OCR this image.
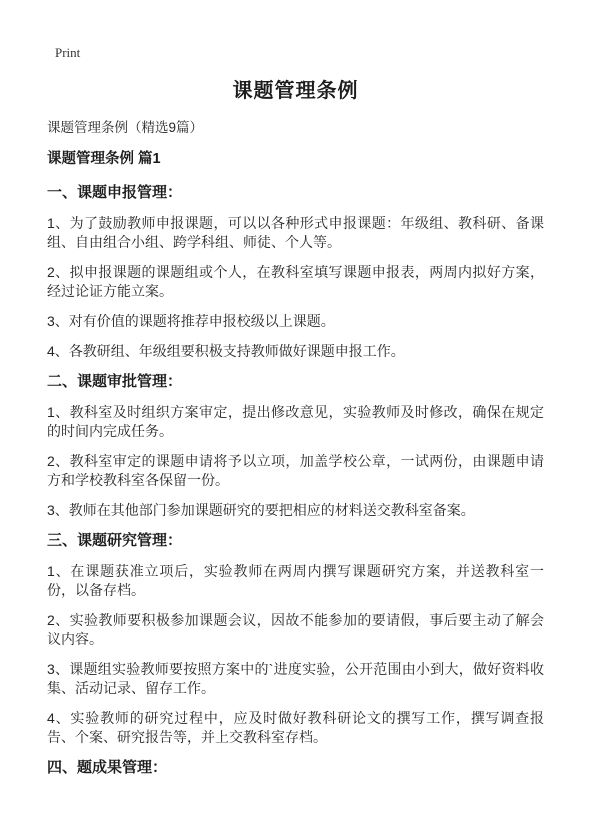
Print
课题管理条例
课题管理条例（精选9篇）
课题管理条例 篇1
一、课题申报管理：
1、为了鼓励教师申报课题，可以以各种形式申报课题：年级组、教科研、备课组、自由组合小组、跨学科组、师徒、个人等。
2、拟申报课题的课题组或个人，在教科室填写课题申报表，两周内拟好方案，经过论证方能立案。
3、对有价值的课题将推荐申报校级以上课题。
4、各教研组、年级组要积极支持教师做好课题申报工作。
二、课题审批管理：
1、教科室及时组织方案审定，提出修改意见，实验教师及时修改，确保在规定的时间内完成任务。
2、教科室审定的课题申请将予以立项，加盖学校公章，一试两份，由课题申请方和学校教科室各保留一份。
3、教师在其他部门参加课题研究的要把相应的材料送交教科室备案。
三、课题研究管理：
1、在课题获准立项后，实验教师在两周内撰写课题研究方案，并送教科室一份，以备存档。
2、实验教师要积极参加课题会议，因故不能参加的要请假，事后要主动了解会议内容。
3、课题组实验教师要按照方案中的`进度实验，公开范围由小到大，做好资料收集、活动记录、留存工作。
4、实验教师的研究过程中，应及时做好教科研论文的撰写工作，撰写调查报告、个案、研究报告等，并上交教科室存档。
四、题成果管理：
